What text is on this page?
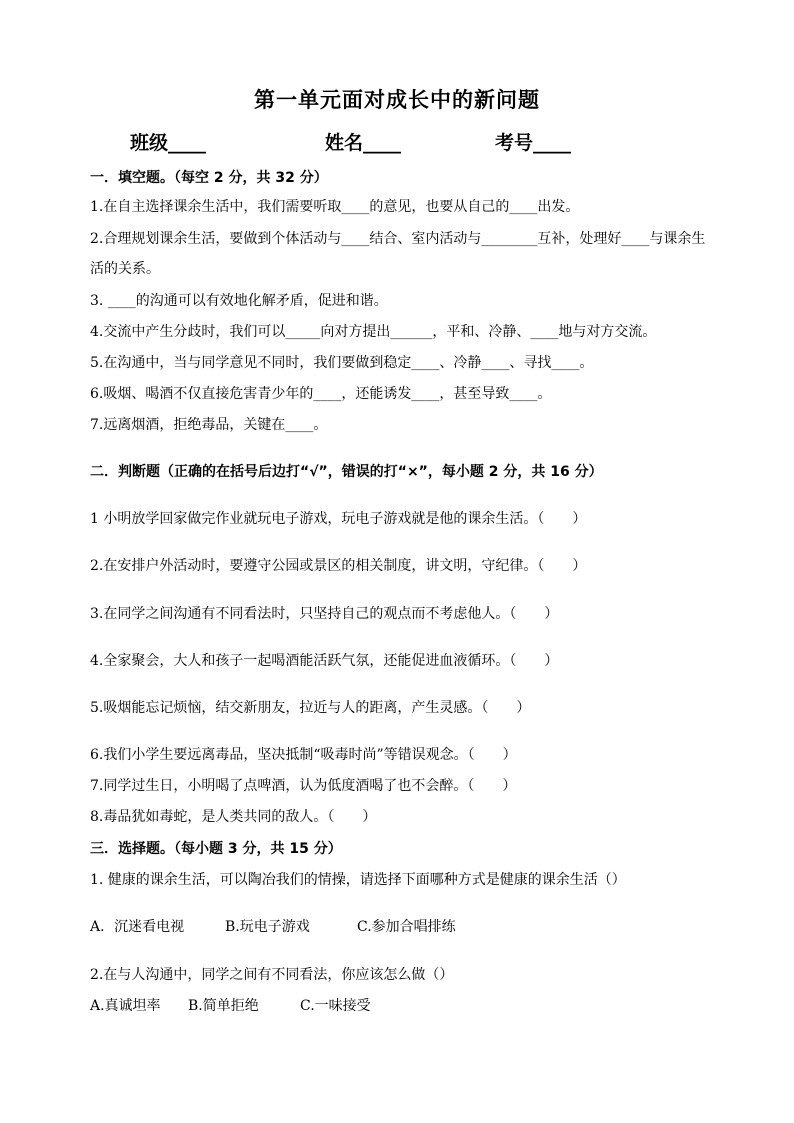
第一单元面对成长中的新问题
班级____	姓名____	考号____
一．填空题。（每空 2 分，共 32 分）
1.在自主选择课余生活中，我们需要听取____的意见，也要从自己的____出发。
2.合理规划课余生活，要做到个体活动与____结合、室内活动与________互补，处理好____与课余生
活的关系。
3. ____的沟通可以有效地化解矛盾，促进和谐。
4.交流中产生分歧时，我们可以_____向对方提出______，平和、冷静、____地与对方交流。
5.在沟通中，当与同学意见不同时，我们要做到稳定____、冷静____、寻找____。
6.吸烟、喝酒不仅直接危害青少年的____，还能诱发____，甚至导致____。
7.远离烟酒，拒绝毒品，关键在____。
二．判断题（正确的在括号后边打“√”，错误的打“×”，每小题 2 分，共 16 分）
1 小明放学回家做完作业就玩电子游戏，玩电子游戏就是他的课余生活。（　　）
2.在安排户外活动时，要遵守公园或景区的相关制度，讲文明，守纪律。（　　）
3.在同学之间沟通有不同看法时，只坚持自己的观点而不考虑他人。（　　）
4.全家聚会，大人和孩子一起喝酒能活跃气氛，还能促进血液循环。（　　）
5.吸烟能忘记烦恼，结交新朋友，拉近与人的距离，产生灵感。（　　）
6.我们小学生要远离毒品，坚决抵制“吸毒时尚”等错误观念。（　　）
7.同学过生日，小明喝了点啤酒，认为低度酒喝了也不会醉。（　　）
8.毒品犹如毒蛇，是人类共同的敌人。（　　）
三．选择题。（每小题 3 分，共 15 分）
1. 健康的课余生活，可以陶冶我们的情操，请选择下面哪种方式是健康的课余生活（）
A．沉迷看电视	B.玩电子游戏	C.参加合唱排练
2.在与人沟通中，同学之间有不同看法，你应该怎么做（）
A.真诚坦率 B.简单拒绝	C.一味接受
